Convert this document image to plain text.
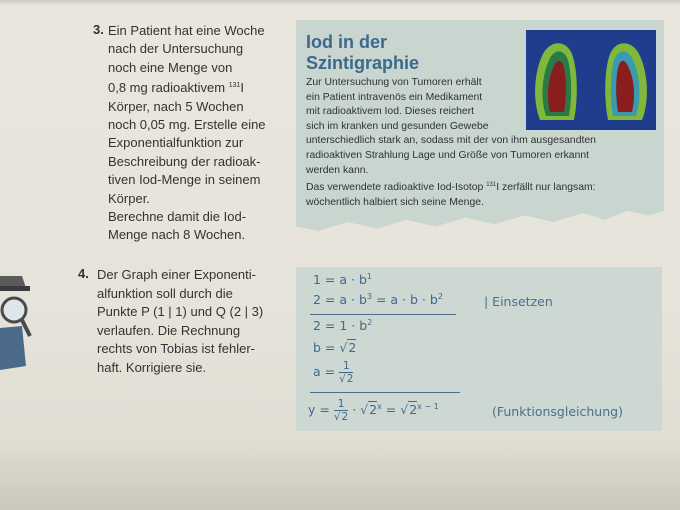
3. Ein Patient hat eine Woche
nach der Untersuchung
noch eine Menge von
0,8 mg radioaktivem $^{131}$I
Körper, nach 5 Wochen
noch 0,05 mg. Erstelle eine
Exponentialfunktion zur
Beschreibung der radioak-
tiven Iod-Menge in seinem
Körper.
Berechne damit die Iod-
Menge nach 8 Wochen.
Iod in der
Szintigraphie
Zur Untersuchung von Tumoren erhält
ein Patient intravenös ein Medikament
mit radioaktivem Iod. Dieses reichert
sich im kranken und gesunden Gewebe
unterschiedlich stark an, sodass mit der von ihm ausgesandten
radioaktiven Strahlung Lage und Größe von Tumoren erkannt
werden kann.
Das verwendete radioaktive Iod-Isotop $^{131}$I zerfällt nur langsam:
wöchentlich halbiert sich seine Menge.
4. Der Graph einer Exponenti-
alfunktion soll durch die
Punkte P (1 | 1) und Q (2 | 3)
verlaufen. Die Rechnung
rechts von Tobias ist fehler-
haft. Korrigiere sie.
$1 = a \cdot b^1$
$2 = a \cdot b^3 = a \cdot b \cdot b^2$	| Einsetzen
$2 = 1 \cdot b^2$
b = √2
$a = \frac{1}{√2}$
$y = \frac{1}{√2} \cdot √2^x = √2^{x - 1}$	(Funktionsgleichung)
